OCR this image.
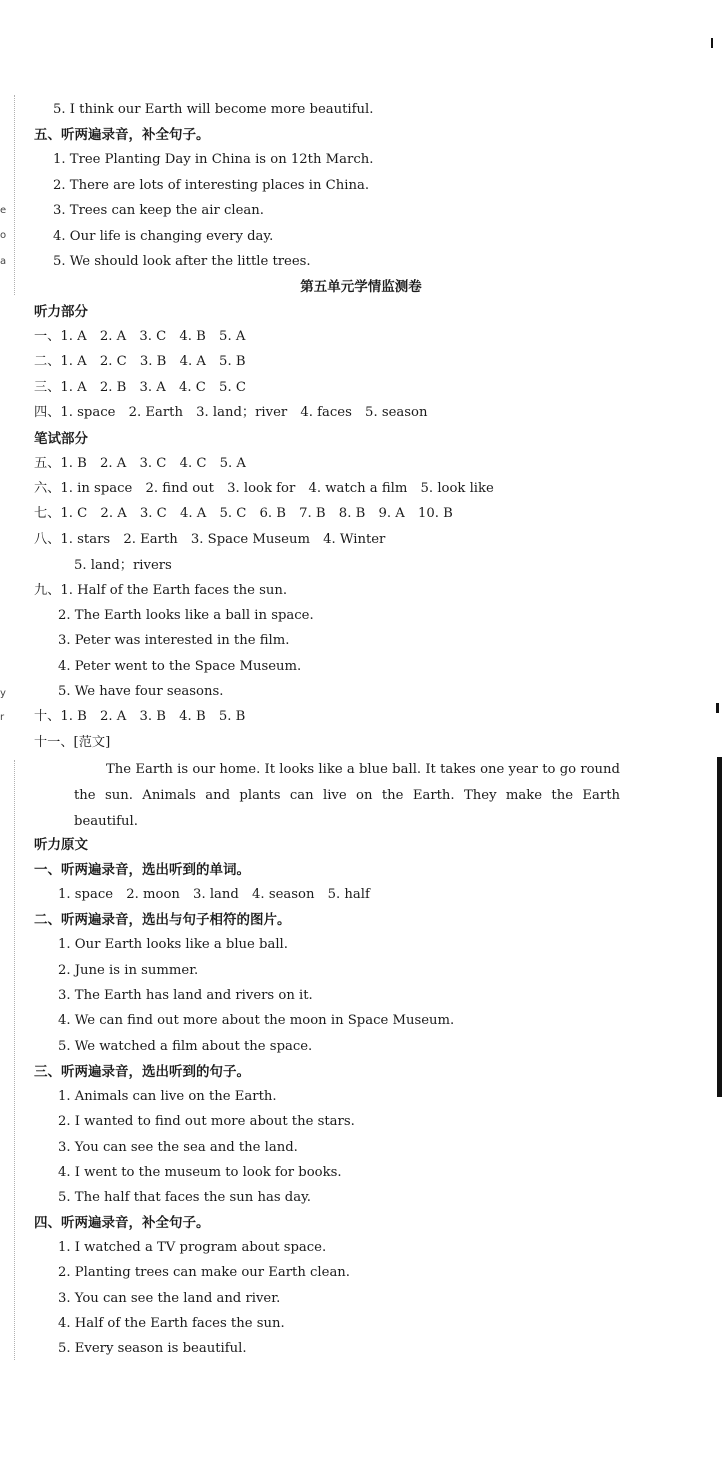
e
o
a
y
r
5. I think our Earth will become more beautiful.
五、听两遍录音，补全句子。
1. Tree Planting Day in China is on 12th March.
2. There are lots of interesting places in China.
3. Trees can keep the air clean.
4. Our life is changing every day.
5. We should look after the little trees.
第五单元学情监测卷
听力部分
一、1. A　2. A　3. C　4. B　5. A
二、1. A　2. C　3. B　4. A　5. B
三、1. A　2. B　3. A　4. C　5. C
四、1. space　2. Earth　3. land；river　4. faces　5. season
笔试部分
五、1. B　2. A　3. C　4. C　5. A
六、1. in space　2. find out　3. look for　4. watch a film　5. look like
七、1. C　2. A　3. C　4. A　5. C　6. B　7. B　8. B　9. A　10. B
八、1. stars　2. Earth　3. Space Museum　4. Winter
5. land；rivers
九、1. Half of the Earth faces the sun.
2. The Earth looks like a ball in space.
3. Peter was interested in the film.
4. Peter went to the Space Museum.
5. We have four seasons.
十、1. B　2. A　3. B　4. B　5. B
十一、[范文]
The Earth is our home. It looks like a blue ball. It takes one year to go round the sun. Animals and plants can live on the Earth. They make the Earth beautiful.
听力原文
一、听两遍录音，选出听到的单词。
1. space　2. moon　3. land　4. season　5. half
二、听两遍录音，选出与句子相符的图片。
1. Our Earth looks like a blue ball.
2. June is in summer.
3. The Earth has land and rivers on it.
4. We can find out more about the moon in Space Museum.
5. We watched a film about the space.
三、听两遍录音，选出听到的句子。
1. Animals can live on the Earth.
2. I wanted to find out more about the stars.
3. You can see the sea and the land.
4. I went to the museum to look for books.
5. The half that faces the sun has day.
四、听两遍录音，补全句子。
1. I watched a TV program about space.
2. Planting trees can make our Earth clean.
3. You can see the land and river.
4. Half of the Earth faces the sun.
5. Every season is beautiful.
